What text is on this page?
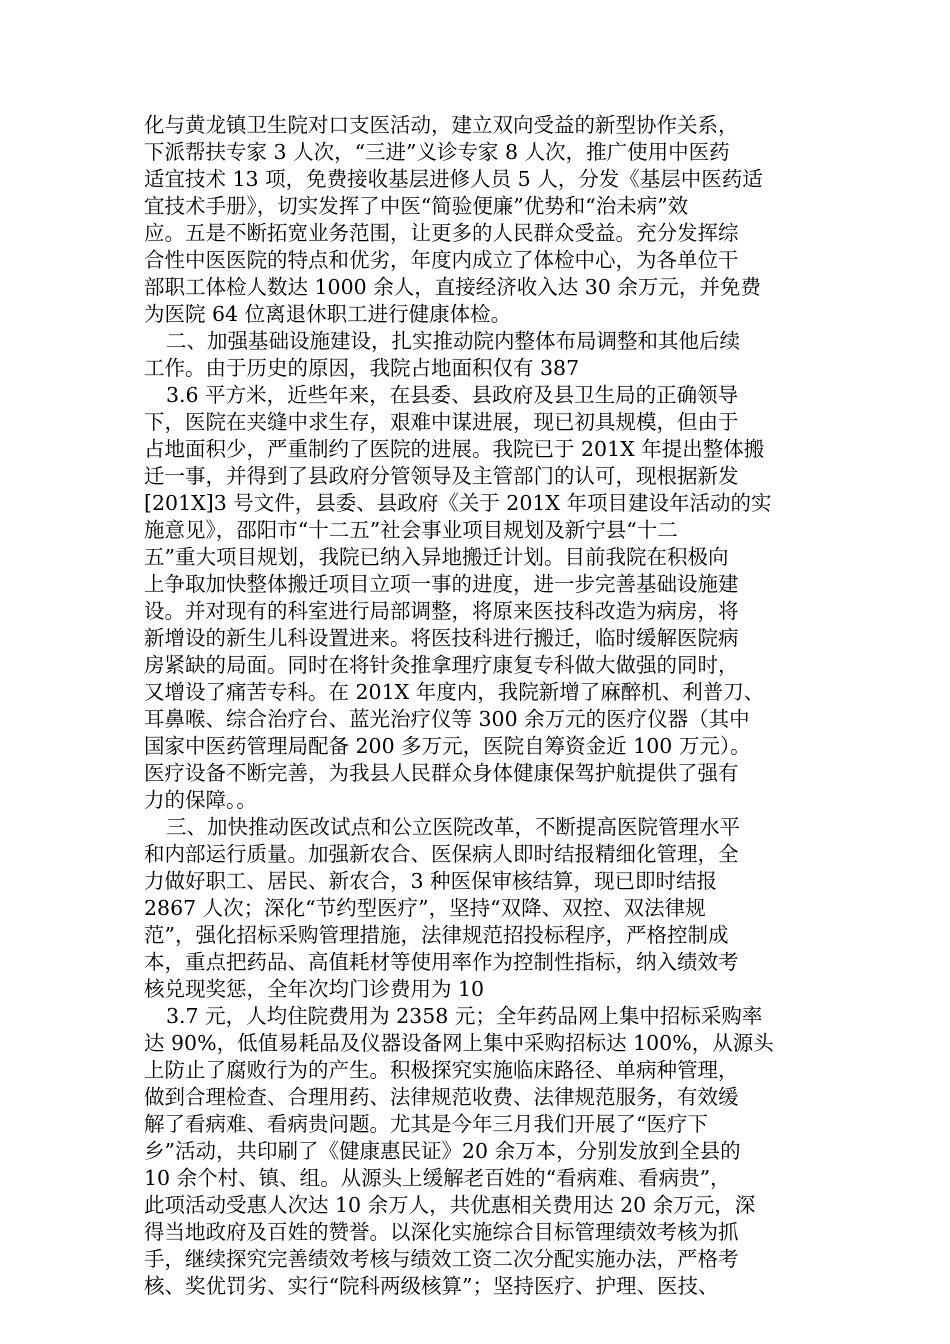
化与黄龙镇卫生院对口支医活动，建立双向受益的新型协作关系，
下派帮扶专家 3 人次，“三进”义诊专家 8 人次，推广使用中医药
适宜技术 13 项，免费接收基层进修人员 5 人，分发《基层中医药适
宜技术手册》，切实发挥了中医“简验便廉”优势和“治未病”效
应。五是不断拓宽业务范围，让更多的人民群众受益。充分发挥综
合性中医医院的特点和优劣，年度内成立了体检中心，为各单位干
部职工体检人数达 1000 余人，直接经济收入达 30 余万元，并免费
为医院 64 位离退休职工进行健康体检。
二、加强基础设施建设，扎实推动院内整体布局调整和其他后续
工作。由于历史的原因，我院占地面积仅有 387
3.6 平方米，近些年来，在县委、县政府及县卫生局的正确领导
下，医院在夹缝中求生存，艰难中谋进展，现已初具规模，但由于
占地面积少，严重制约了医院的进展。我院已于 201X 年提出整体搬
迁一事，并得到了县政府分管领导及主管部门的认可，现根据新发
[201X]3 号文件，县委、县政府《关于 201X 年项目建设年活动的实
施意见》，邵阳市“十二五”社会事业项目规划及新宁县“十二
五”重大项目规划，我院已纳入异地搬迁计划。目前我院在积极向
上争取加快整体搬迁项目立项一事的进度，进一步完善基础设施建
设。并对现有的科室进行局部调整，将原来医技科改造为病房，将
新增设的新生儿科设置进来。将医技科进行搬迁，临时缓解医院病
房紧缺的局面。同时在将针灸推拿理疗康复专科做大做强的同时，
又增设了痛苦专科。在 201X 年度内，我院新增了麻醉机、利普刀、
耳鼻喉、综合治疗台、蓝光治疗仪等 300 余万元的医疗仪器（其中
国家中医药管理局配备 200 多万元，医院自筹资金近 100 万元）。
医疗设备不断完善，为我县人民群众身体健康保驾护航提供了强有
力的保障。。
三、加快推动医改试点和公立医院改革，不断提高医院管理水平
和内部运行质量。加强新农合、医保病人即时结报精细化管理，全
力做好职工、居民、新农合，3 种医保审核结算，现已即时结报
2867 人次；深化“节约型医疗”，坚持“双降、双控、双法律规
范”，强化招标采购管理措施，法律规范招投标程序，严格控制成
本，重点把药品、高值耗材等使用率作为控制性指标，纳入绩效考
核兑现奖惩，全年次均门诊费用为 10
3.7 元，人均住院费用为 2358 元；全年药品网上集中招标采购率
达 90%，低值易耗品及仪器设备网上集中采购招标达 100%，从源头
上防止了腐败行为的产生。积极探究实施临床路径、单病种管理，
做到合理检查、合理用药、法律规范收费、法律规范服务，有效缓
解了看病难、看病贵问题。尤其是今年三月我们开展了“医疗下
乡”活动，共印刷了《健康惠民证》20 余万本，分别发放到全县的
10 余个村、镇、组。从源头上缓解老百姓的“看病难、看病贵”，
此项活动受惠人次达 10 余万人，共优惠相关费用达 20 余万元，深
得当地政府及百姓的赞誉。以深化实施综合目标管理绩效考核为抓
手，继续探究完善绩效考核与绩效工资二次分配实施办法，严格考
核、奖优罚劣、实行“院科两级核算”；坚持医疗、护理、医技、
